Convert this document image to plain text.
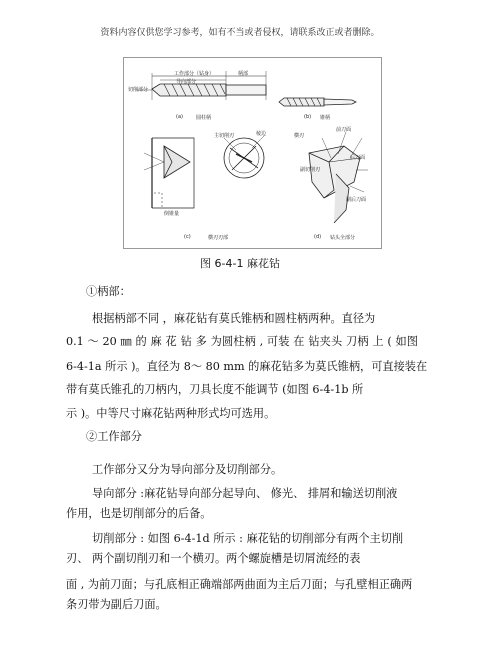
资料内容仅供您学习参考，如有不当或者侵权，请联系改正或者删除。
工作部分（钻身）	柄部
导向部分
切削部分
(a)	圆柱柄	(b) 锥柄
主切削刃	棱边	横刃
前刀面
后刀面
副切削刃
副后刀面
倒锥量
(c)	横刃刃部	(d) 钻头全部分
图 6-4-1 麻花钻
①柄部：
根据柄部不同 ，麻花钻有莫氏锥柄和圆柱柄两种。直径为
0.1 ～ 20 ㎜ 的 麻 花 钻 多 为圆柱柄 , 可装 在 钻夹头 刀柄 上 ( 如图
6-4-1a 所示 )。直径为 8～ 80 mm 的麻花钻多为莫氏锥柄，可直接装在
带有莫氏锥孔的刀柄内，刀具长度不能调节 (如图 6-4-1b 所
示 )。中等尺寸麻花钻两种形式均可选用。
②工作部分
工作部分又分为导向部分及切削部分。
导向部分 :麻花钻导向部分起导向、 修光、 排屑和输送切削液
作用，也是切削部分的后备。
切削部分 : 如图 6-4-1d 所示 : 麻花钻的切削部分有两个主切削
刃、 两个副切削刃和一个横刃。两个螺旋槽是切屑流经的表
面 , 为前刀面；与孔底相正确端部两曲面为主后刀面；与孔壁相正确两
条刃带为副后刀面。
